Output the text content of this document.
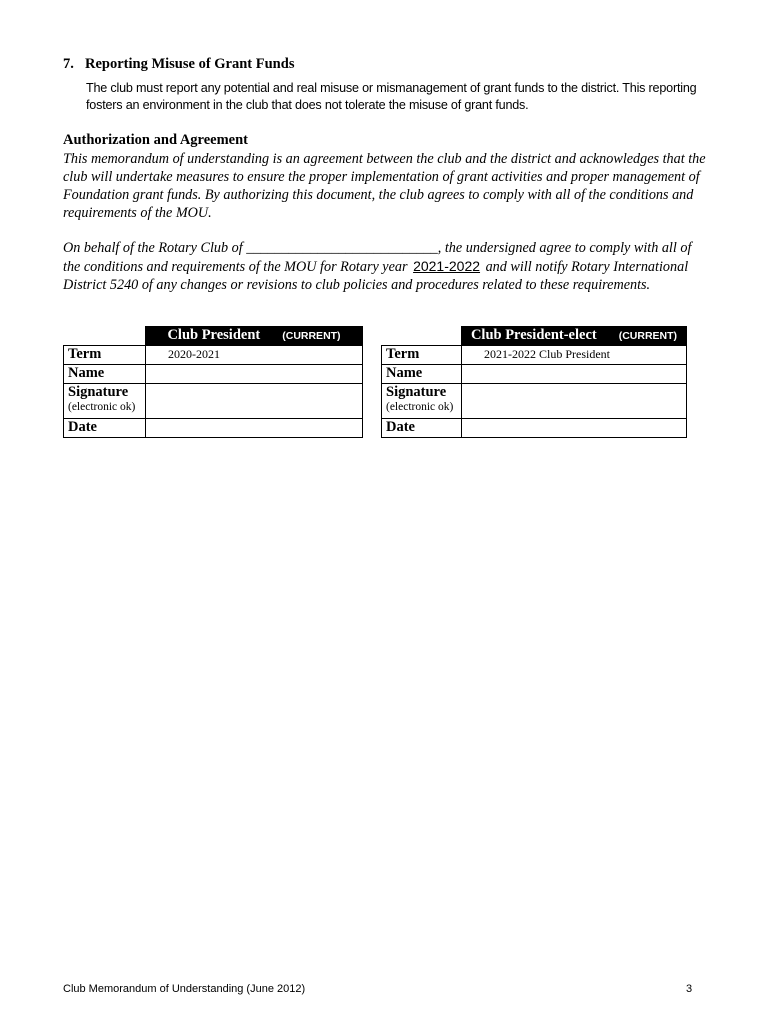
7. Reporting Misuse of Grant Funds
The club must report any potential and real misuse or mismanagement of grant funds to the district. This reporting fosters an environment in the club that does not tolerate the misuse of grant funds.
Authorization and Agreement
This memorandum of understanding is an agreement between the club and the district and acknowledges that the club will undertake measures to ensure the proper implementation of grant activities and proper management of Foundation grant funds. By authorizing this document, the club agrees to comply with all of the conditions and requirements of the MOU.
On behalf of the Rotary Club of ___________________________, the undersigned agree to comply with all of the conditions and requirements of the MOU for Rotary year 2021-2022 and will notify Rotary International District 5240 of any changes or revisions to club policies and procedures related to these requirements.
	Club President (CURRENT)
Term	2020-2021
Name	
Signature
(electronic ok)	

Date	
	Club President-elect (CURRENT)
Term	2021-2022 Club President
Name	
Signature
(electronic ok)	

Date	
Club Memorandum of Understanding (June 2012)	3
